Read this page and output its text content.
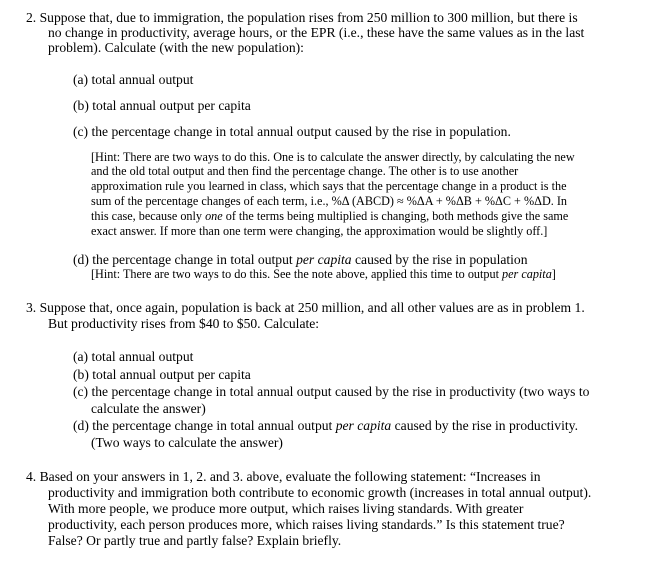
2. Suppose that, due to immigration, the population rises from 250 million to 300 million, but there is
no change in productivity, average hours, or the EPR (i.e., these have the same values as in the last
problem). Calculate (with the new population):
(a) total annual output
(b) total annual output per capita
(c) the percentage change in total annual output caused by the rise in population.
[Hint: There are two ways to do this. One is to calculate the answer directly, by calculating the new
and the old total output and then find the percentage change. The other is to use another
approximation rule you learned in class, which says that the percentage change in a product is the
sum of the percentage changes of each term, i.e., %Δ (ABCD) ≈ %ΔA + %ΔB + %ΔC + %ΔD. In
this case, because only one of the terms being multiplied is changing, both methods give the same
exact answer. If more than one term were changing, the approximation would be slightly off.]
(d) the percentage change in total output per capita caused by the rise in population
[Hint: There are two ways to do this. See the note above, applied this time to output per capita]
3. Suppose that, once again, population is back at 250 million, and all other values are as in problem 1.
But productivity rises from $40 to $50. Calculate:
(a) total annual output
(b) total annual output per capita
(c) the percentage change in total annual output caused by the rise in productivity (two ways to
calculate the answer)
(d) the percentage change in total annual output per capita caused by the rise in productivity.
(Two ways to calculate the answer)
4. Based on your answers in 1, 2. and 3. above, evaluate the following statement: “Increases in
productivity and immigration both contribute to economic growth (increases in total annual output).
With more people, we produce more output, which raises living standards. With greater
productivity, each person produces more, which raises living standards.” Is this statement true?
False? Or partly true and partly false? Explain briefly.
